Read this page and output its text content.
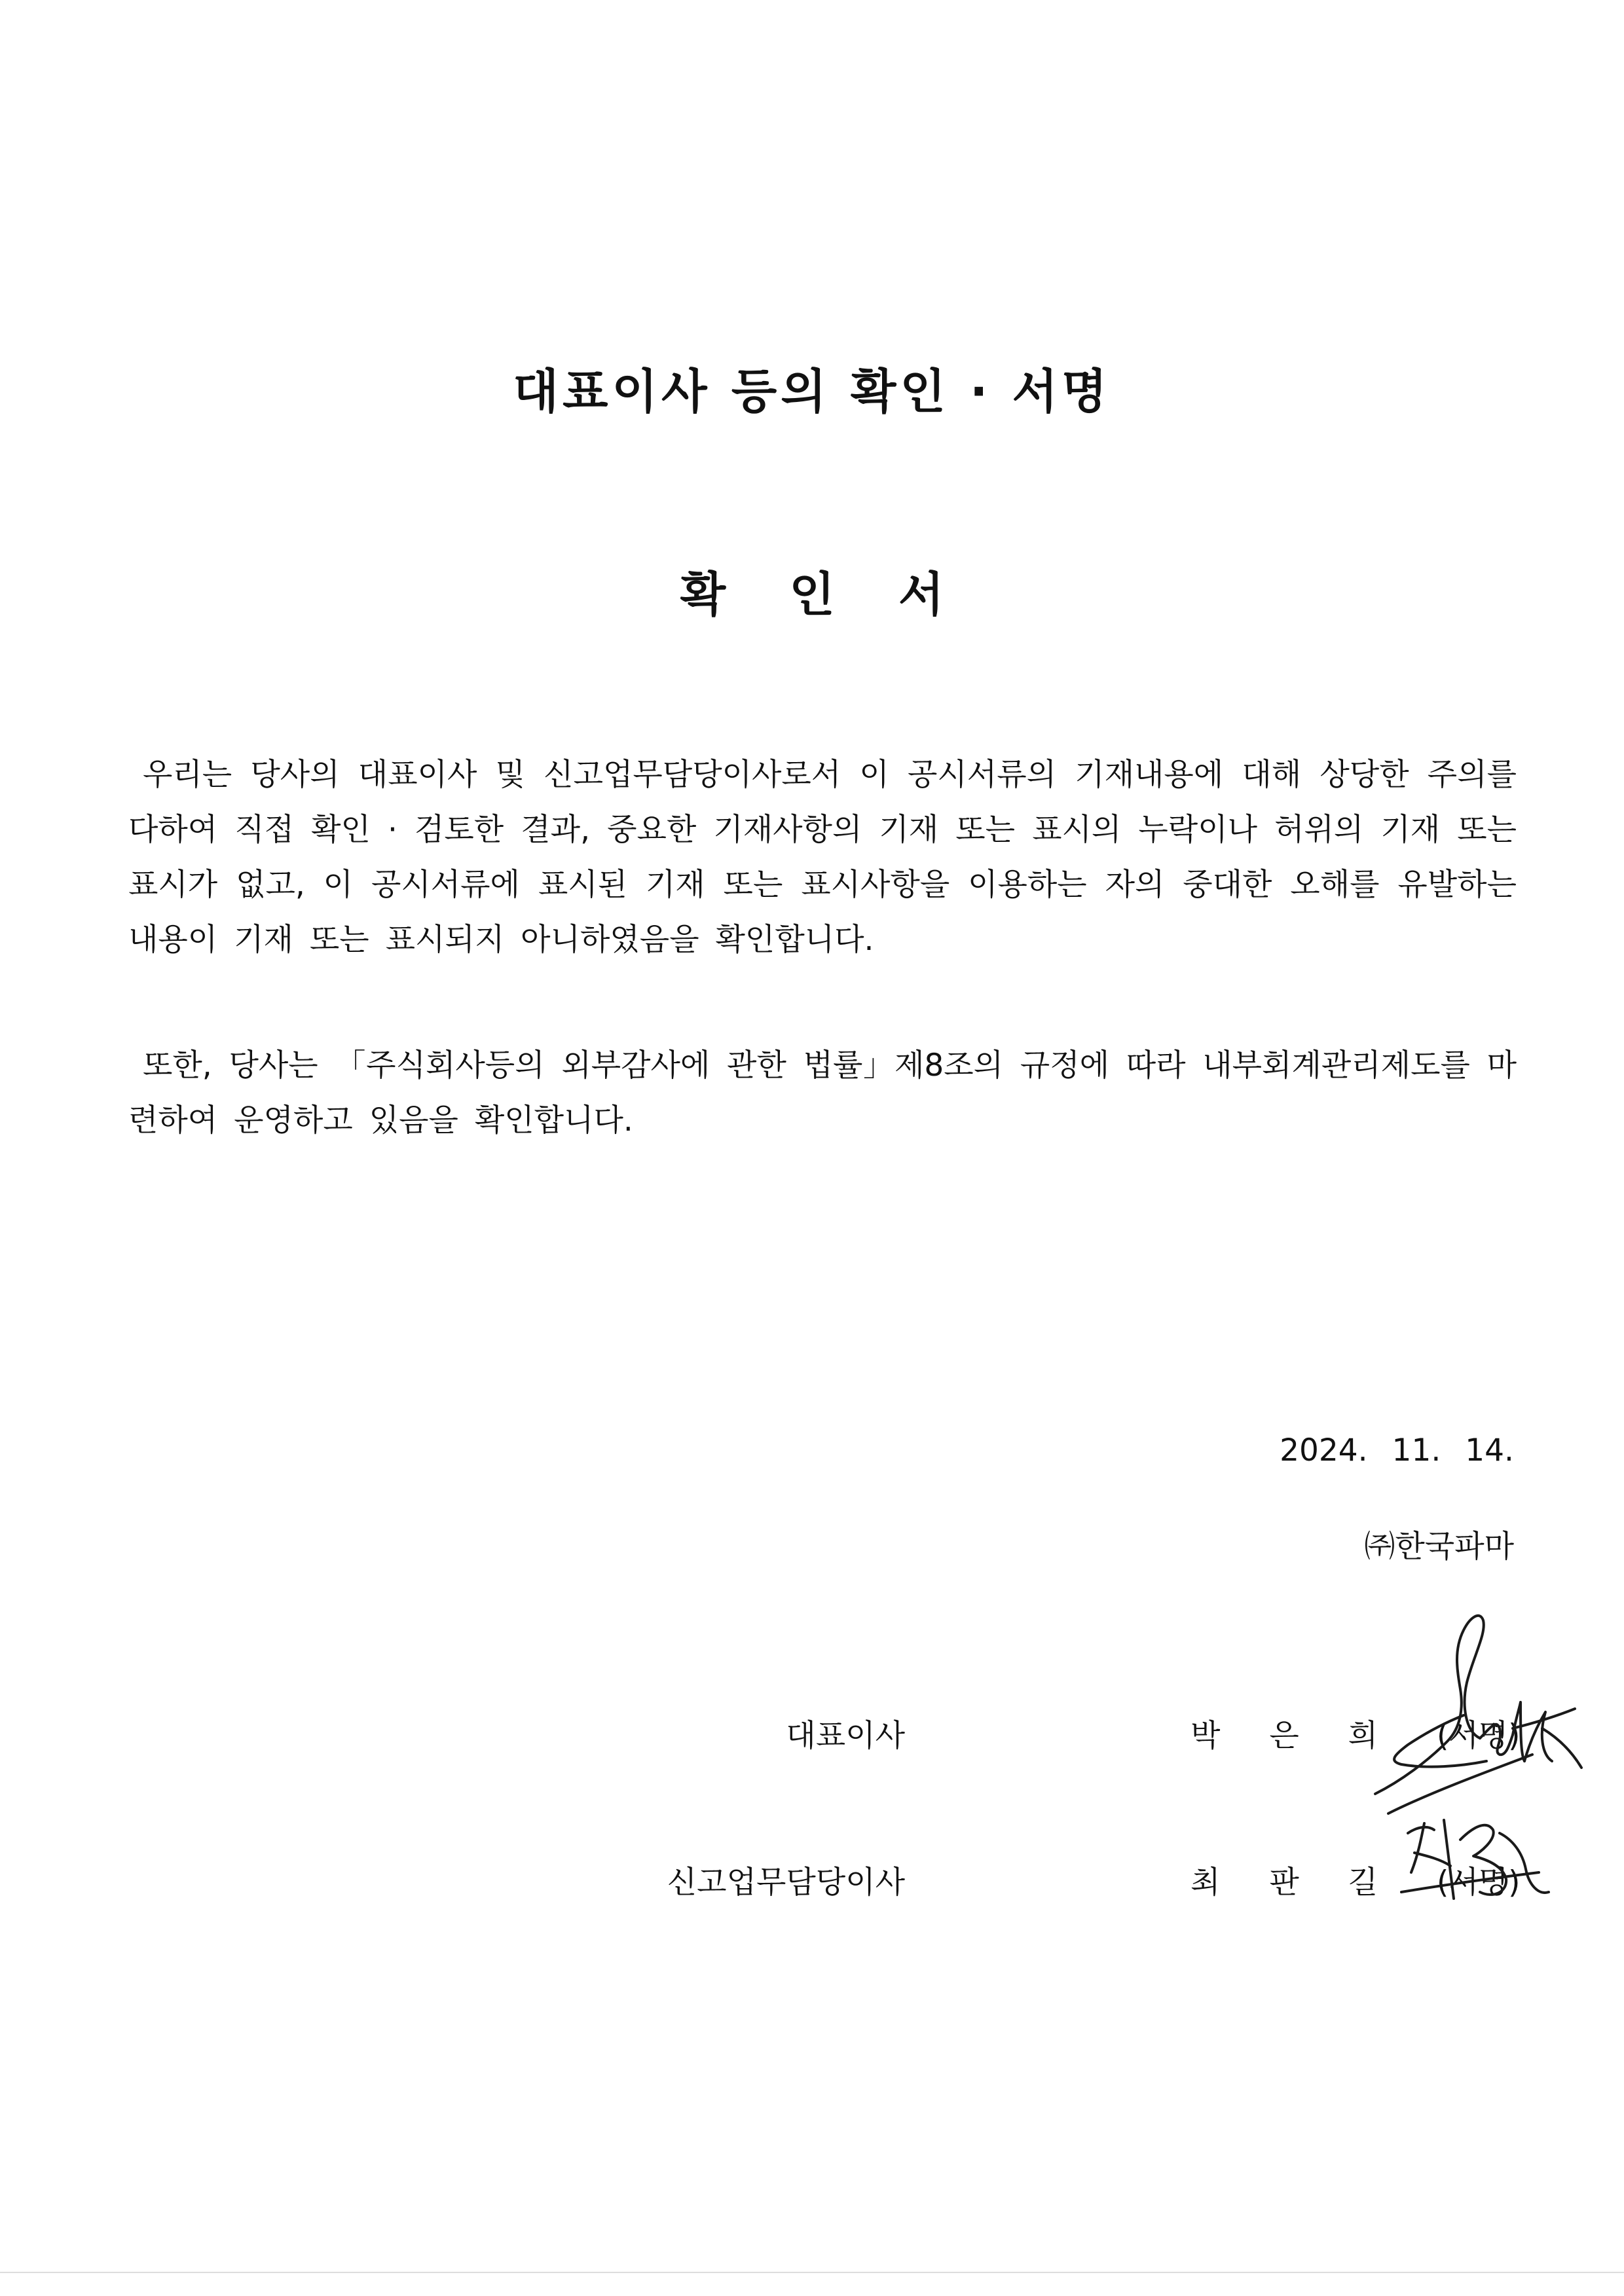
대표이사 등의 확인 · 서명
확 인 서

우리는 당사의 대표이사 및 신고업무담당이사로서 이 공시서류의 기재내용에 대해 상당한 주의를 다하여 직접 확인 · 검토한 결과, 중요한 기재사항의 기재 또는 표시의 누락이나 허위의 기재 또는 표시가 없고, 이 공시서류에 표시된 기재 또는 표시사항을 이용하는 자의 중대한 오해를 유발하는 내용이 기재 또는 표시되지 아니하였음을 확인합니다.

또한, 당사는 「주식회사등의 외부감사에 관한 법률」제8조의 규정에 따라 내부회계관리제도를 마련하여 운영하고 있음을 확인합니다.

2024. 11. 14.
㈜한국파마
대표이사	박 은 희 (서명)
신고업무담당이사	최 판 길 (서명)
